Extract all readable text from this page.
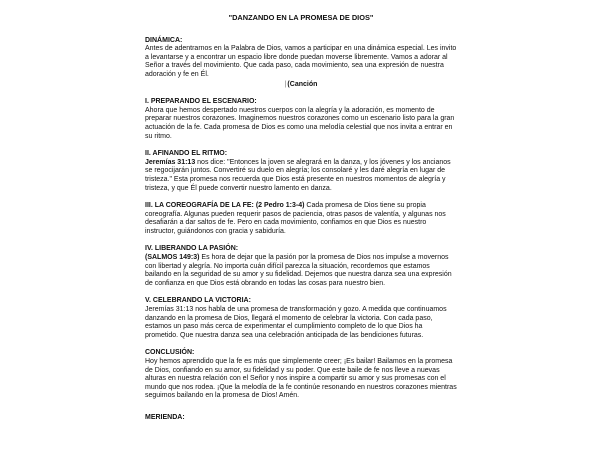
"DANZANDO EN LA PROMESA DE DIOS"
DINÁMICA:
Antes de adentrarnos en la Palabra de Dios, vamos a participar en una dinámica especial. Les invito a levantarse y a encontrar un espacio libre donde puedan moverse libremente. Vamos a adorar al Señor a través del movimiento. Que cada paso, cada movimiento, sea una expresión de nuestra adoración y fe en Él.
|(Canción
I. PREPARANDO EL ESCENARIO:
Ahora que hemos despertado nuestros cuerpos con la alegría y la adoración, es momento de preparar nuestros corazones. Imaginemos nuestros corazones como un escenario listo para la gran actuación de la fe. Cada promesa de Dios es como una melodía celestial que nos invita a entrar en su ritmo.
II. AFINANDO EL RITMO:
Jeremías 31:13 nos dice: "Entonces la joven se alegrará en la danza, y los jóvenes y los ancianos se regocijarán juntos. Convertiré su duelo en alegría; los consolaré y les daré alegría en lugar de tristeza." Esta promesa nos recuerda que Dios está presente en nuestros momentos de alegría y tristeza, y que Él puede convertir nuestro lamento en danza.
III. LA COREOGRAFÍA DE LA FE: (2 Pedro 1:3-4) Cada promesa de Dios tiene su propia coreografía. Algunas pueden requerir pasos de paciencia, otras pasos de valentía, y algunas nos desafiarán a dar saltos de fe. Pero en cada movimiento, confiamos en que Dios es nuestro instructor, guiándonos con gracia y sabiduría.
IV. LIBERANDO LA PASIÓN:
(SALMOS 149:3) Es hora de dejar que la pasión por la promesa de Dios nos impulse a movernos con libertad y alegría. No importa cuán difícil parezca la situación, recordemos que estamos bailando en la seguridad de su amor y su fidelidad. Dejemos que nuestra danza sea una expresión de confianza en que Dios está obrando en todas las cosas para nuestro bien.
V. CELEBRANDO LA VICTORIA:
Jeremías 31:13 nos habla de una promesa de transformación y gozo. A medida que continuamos danzando en la promesa de Dios, llegará el momento de celebrar la victoria. Con cada paso, estamos un paso más cerca de experimentar el cumplimiento completo de lo que Dios ha prometido. Que nuestra danza sea una celebración anticipada de las bendiciones futuras.
CONCLUSIÓN:
Hoy hemos aprendido que la fe es más que simplemente creer; ¡Es bailar! Bailamos en la promesa de Dios, confiando en su amor, su fidelidad y su poder. Que este baile de fe nos lleve a nuevas alturas en nuestra relación con el Señor y nos inspire a compartir su amor y sus promesas con el mundo que nos rodea. ¡Que la melodía de la fe continúe resonando en nuestros corazones mientras seguimos bailando en la promesa de Dios! Amén.
MERIENDA:
